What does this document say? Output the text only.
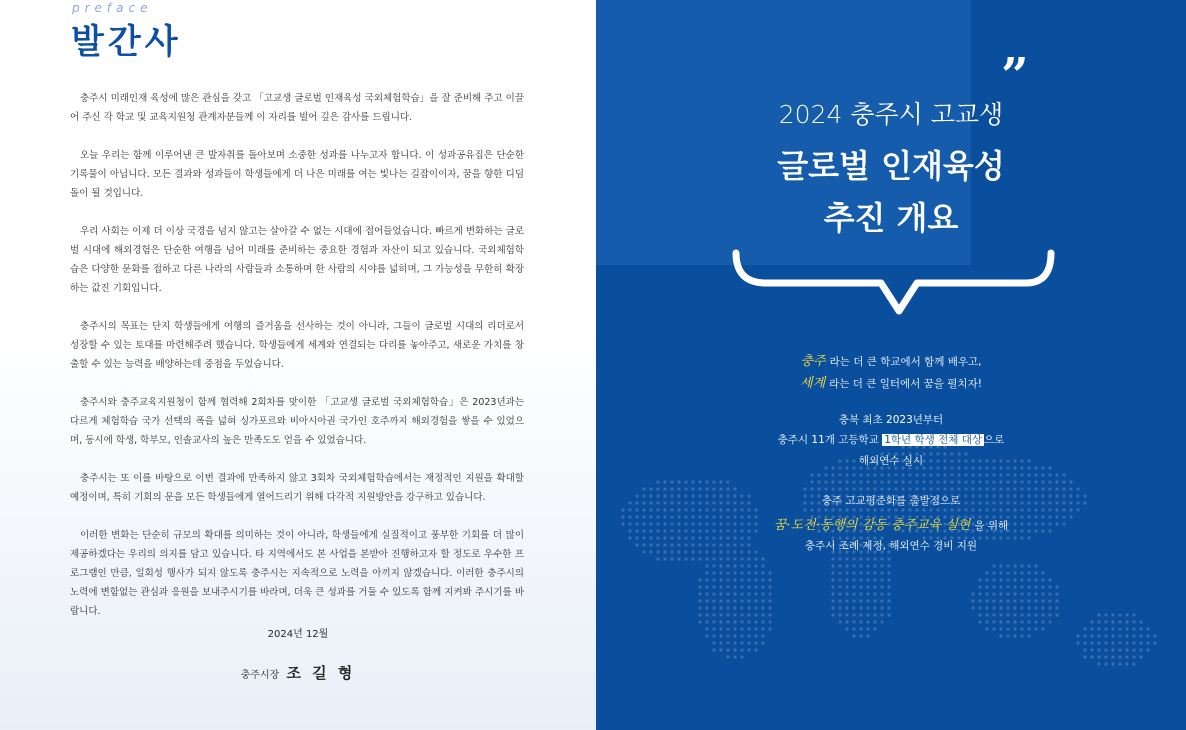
preface
발간사

충주시 미래인재 육성에 많은 관심을 갖고 「고교생 글로벌 인재육성 국외체험학습」을 잘 준비해 주고 이끌어 주신 각 학교 및 교육지원청 관계자분들께 이 자리를 빌어 깊은 감사를 드립니다.

오늘 우리는 함께 이루어낸 큰 발자취를 돌아보며 소중한 성과를 나누고자 합니다. 이 성과공유집은 단순한 기록물이 아닙니다. 모든 결과와 성과들이 학생들에게 더 나은 미래를 여는 빛나는 길잡이이자, 꿈을 향한 디딤돌이 될 것입니다.

우리 사회는 이제 더 이상 국경을 넘지 않고는 살아갈 수 없는 시대에 접어들었습니다. 빠르게 변화하는 글로벌 시대에 해외경험은 단순한 여행을 넘어 미래를 준비하는 중요한 경험과 자산이 되고 있습니다. 국외체험학습은 다양한 문화를 접하고 다른 나라의 사람들과 소통하며 한 사람의 시야를 넓히며, 그 가능성을 무한히 확장하는 값진 기회입니다.

충주시의 목표는 단지 학생들에게 여행의 즐거움을 선사하는 것이 아니라, 그들이 글로벌 시대의 리더로서 성장할 수 있는 토대를 마련해주려 했습니다. 학생들에게 세계와 연결되는 다리를 놓아주고, 새로운 가치를 창출할 수 있는 능력을 배양하는데 중점을 두었습니다.

충주시와 충주교육지원청이 함께 협력해 2회차를 맞이한 「고교생 글로벌 국외체험학습」은 2023년과는 다르게 체험학습 국가 선택의 폭을 넓혀 싱가포르와 비아시아권 국가인 호주까지 해외경험을 쌓을 수 있었으며, 동시에 학생, 학부모, 인솔교사의 높은 만족도도 얻을 수 있었습니다.

충주시는 또 이를 바탕으로 이번 결과에 만족하지 않고 3회차 국외체험학습에서는 재정적인 지원을 확대할 예정이며, 특히 기회의 문을 모든 학생들에게 열어드리기 위해 다각적 지원방안을 강구하고 있습니다.

이러한 변화는 단순히 규모의 확대를 의미하는 것이 아니라, 학생들에게 실질적이고 풍부한 기회를 더 많이 제공하겠다는 우리의 의지를 담고 있습니다. 타 지역에서도 본 사업을 본받아 진행하고자 할 정도로 우수한 프로그램인 만큼, 일회성 행사가 되지 않도록 충주시는 지속적으로 노력을 아끼지 않겠습니다. 이러한 충주시의 노력에 변함없는 관심과 응원을 보내주시기를 바라며, 더욱 큰 성과를 거둘 수 있도록 함께 지켜봐 주시기를 바랍니다.

2024년 12월
충주시장 조 길 형
”
2024 충주시 고교생
글로벌 인재육성
추진 개요
충주 라는 더 큰 학교에서 함께 배우고,
세계 라는 더 큰 일터에서 꿈을 펼치자!
충북 최초 2023년부터
충주시 11개 고등학교 1학년 학생 전체 대상 으로
해외연수 실시
충주 고교평준화를 출발점으로
꿈·도전·동행의 감동 충주교육 실현 을 위해
충주시 조례 제정, 해외연수 경비 지원
